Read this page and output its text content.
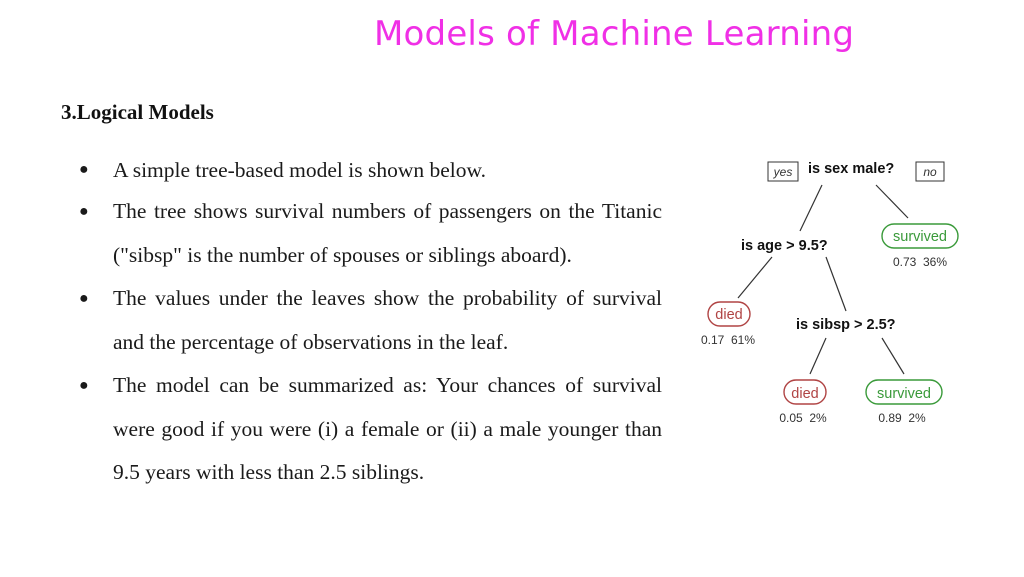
Models of Machine Learning
3.Logical Models
● A simple tree-based model is shown below.
● The tree shows survival numbers of passengers on the Titanic ("sibsp" is the number of spouses or siblings aboard).
● The values under the leaves show the probability of survival and the percentage of observations in the leaf.
● The model can be summarized as: Your chances of survival were good if you were (i) a female or (ii) a male younger than 9.5 years with less than 2.5 siblings.
yes is sex male? no
survived
0.73  36%
is age > 9.5?
died
0.17  61%
is sibsp > 2.5?
died
0.05  2%
survived
0.89  2%
